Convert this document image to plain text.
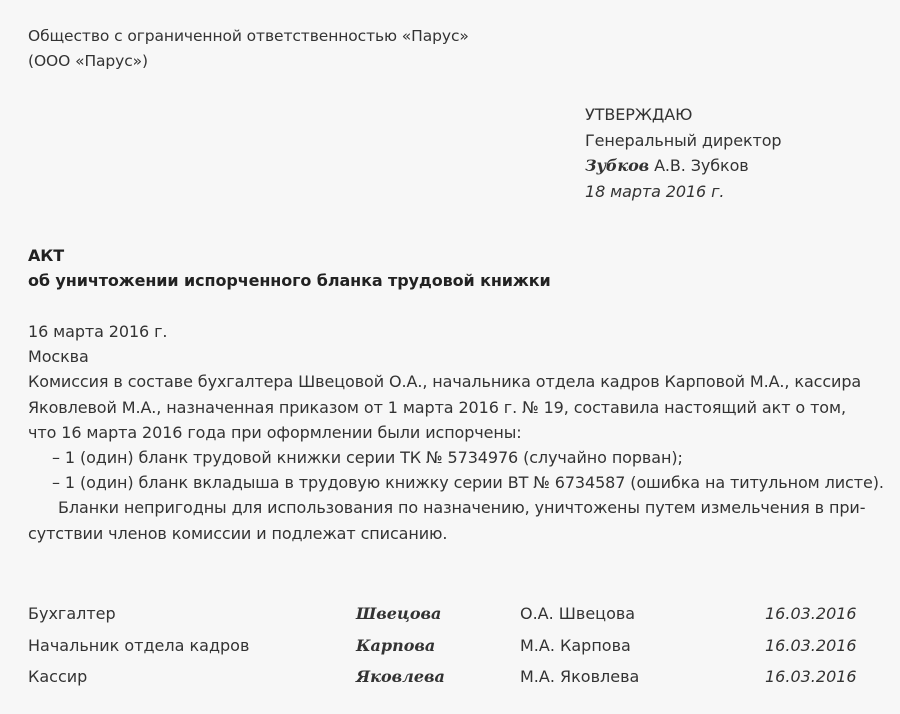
Общество с ограниченной ответственностью «Парус»
(ООО «Парус»)
УТВЕРЖДАЮ
Генеральный директор
Зубков А.В. Зубков
18 марта 2016 г.
АКТ
об уничтожении испорченного бланка трудовой книжки
16 марта 2016 г.
Москва
Комиссия в составе бухгалтера Швецовой О.А., начальника отдела кадров Карповой М.А., кассира
Яковлевой М.А., назначенная приказом от 1 марта 2016 г. № 19, составила настоящий акт о том,
что 16 марта 2016 года при оформлении были испорчены:
– 1 (один) бланк трудовой книжки серии ТК № 5734976 (случайно порван);
– 1 (один) бланк вкладыша в трудовую книжку серии ВТ № 6734587 (ошибка на титульном листе).
Бланки непригодны для использования по назначению, уничтожены путем измельчения в при-
сутствии членов комиссии и подлежат списанию.
Бухгалтер	Швецова	О.А. Швецова	16.03.2016
Начальник отдела кадров	Карпова	М.А. Карпова	16.03.2016
Кассир	Яковлева	М.А. Яковлева	16.03.2016
